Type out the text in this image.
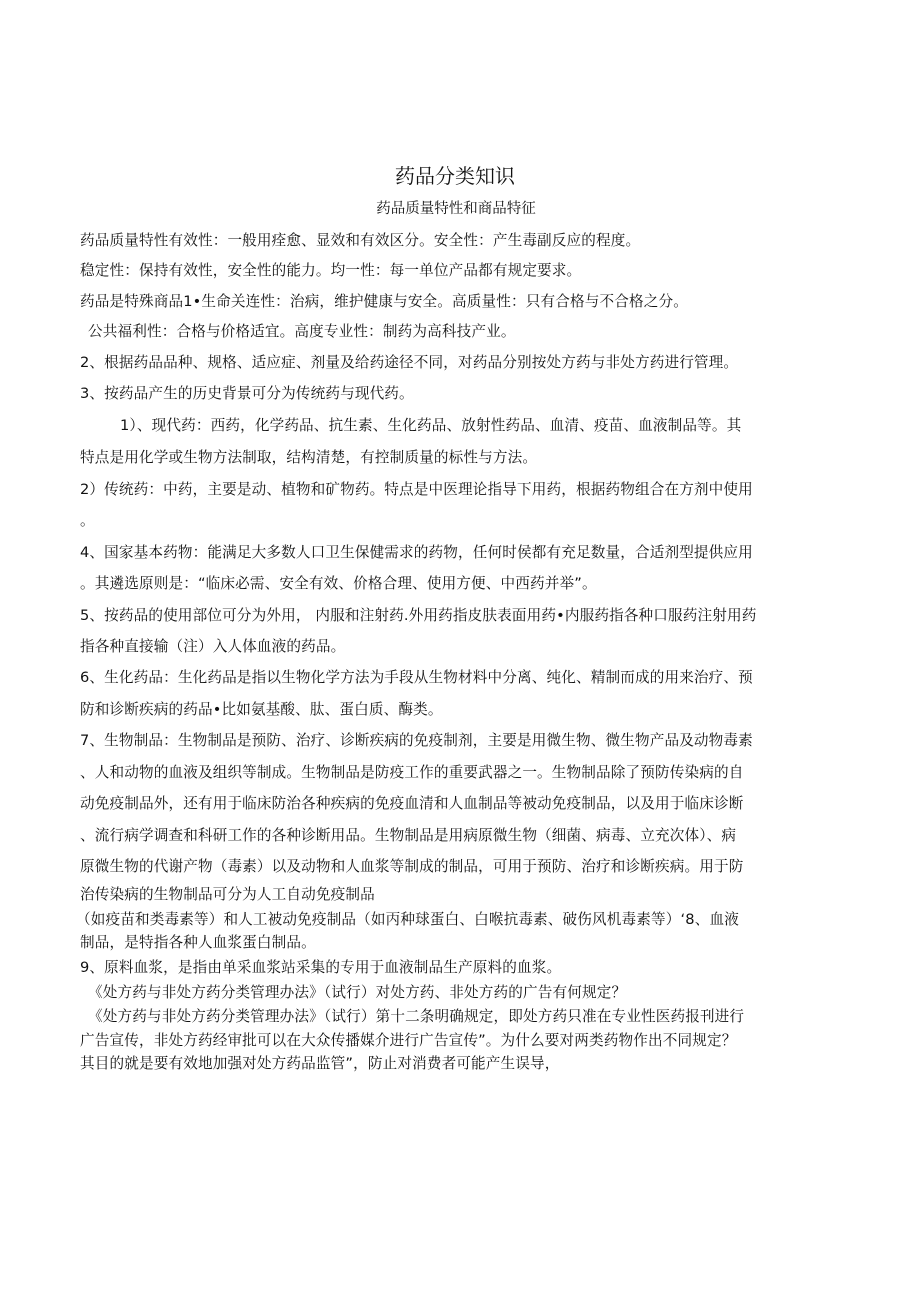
药品分类知识
药品质量特性和商品特征
药品质量特性有效性：一般用痊愈、显效和有效区分。安全性：产生毒副反应的程度。
稳定性：保持有效性，安全性的能力。均一性：每一单位产品都有规定要求。
药品是特殊商品1•生命关连性：治病，维护健康与安全。高质量性：只有合格与不合格之分。
公共福利性：合格与价格适宜。高度专业性：制药为高科技产业。
2、根据药品品种、规格、适应症、剂量及给药途径不同，对药品分别按处方药与非处方药进行管理。
3、按药品产生的历史背景可分为传统药与现代药。
1）、现代药：西药，化学药品、抗生素、生化药品、放射性药品、血清、疫苗、血液制品等。其
特点是用化学或生物方法制取，结构清楚，有控制质量的标性与方法。
2）传统药：中药，主要是动、植物和矿物药。特点是中医理论指导下用药，根据药物组合在方剂中使用
。
4、国家基本药物：能满足大多数人口卫生保健需求的药物，任何时侯都有充足数量，合适剂型提供应用
。其遴选原则是：“临床必需、安全有效、价格合理、使用方便、中西药并举”。
5、按药品的使用部位可分为外用， 内服和注射药.外用药指皮肤表面用药•内服药指各种口服药注射用药
指各种直接输（注）入人体血液的药品。
6、生化药品：生化药品是指以生物化学方法为手段从生物材料中分离、纯化、精制而成的用来治疗、预
防和诊断疾病的药品•比如氨基酸、肽、蛋白质、酶类。
7、生物制品：生物制品是预防、治疗、诊断疾病的免疫制剂，主要是用微生物、微生物产品及动物毒素
、人和动物的血液及组织等制成。生物制品是防疫工作的重要武器之一。生物制品除了预防传染病的自
动免疫制品外，还有用于临床防治各种疾病的免疫血清和人血制品等被动免疫制品，以及用于临床诊断
、流行病学调查和科研工作的各种诊断用品。生物制品是用病原微生物（细菌、病毒、立充次体）、病
原微生物的代谢产物（毒素）以及动物和人血浆等制成的制品，可用于预防、治疗和诊断疾病。用于防
治传染病的生物制品可分为人工自动免疫制品
（如疫苗和类毒素等）和人工被动免疫制品（如丙种球蛋白、白喉抗毒素、破伤风机毒素等）‘8、血液
制品，是特指各种人血浆蛋白制品。
9、原料血浆，是指由单采血浆站采集的专用于血液制品生产原料的血浆。
《处方药与非处方药分类管理办法》（试行）对处方药、非处方药的广告有何规定？
《处方药与非处方药分类管理办法》（试行）第十二条明确规定，即处方药只准在专业性医药报刊进行
广告宣传，非处方药经审批可以在大众传播媒介进行广告宣传”。为什么要对两类药物作出不同规定？
其目的就是要有效地加强对处方药品监管”，防止对消费者可能产生误导，
